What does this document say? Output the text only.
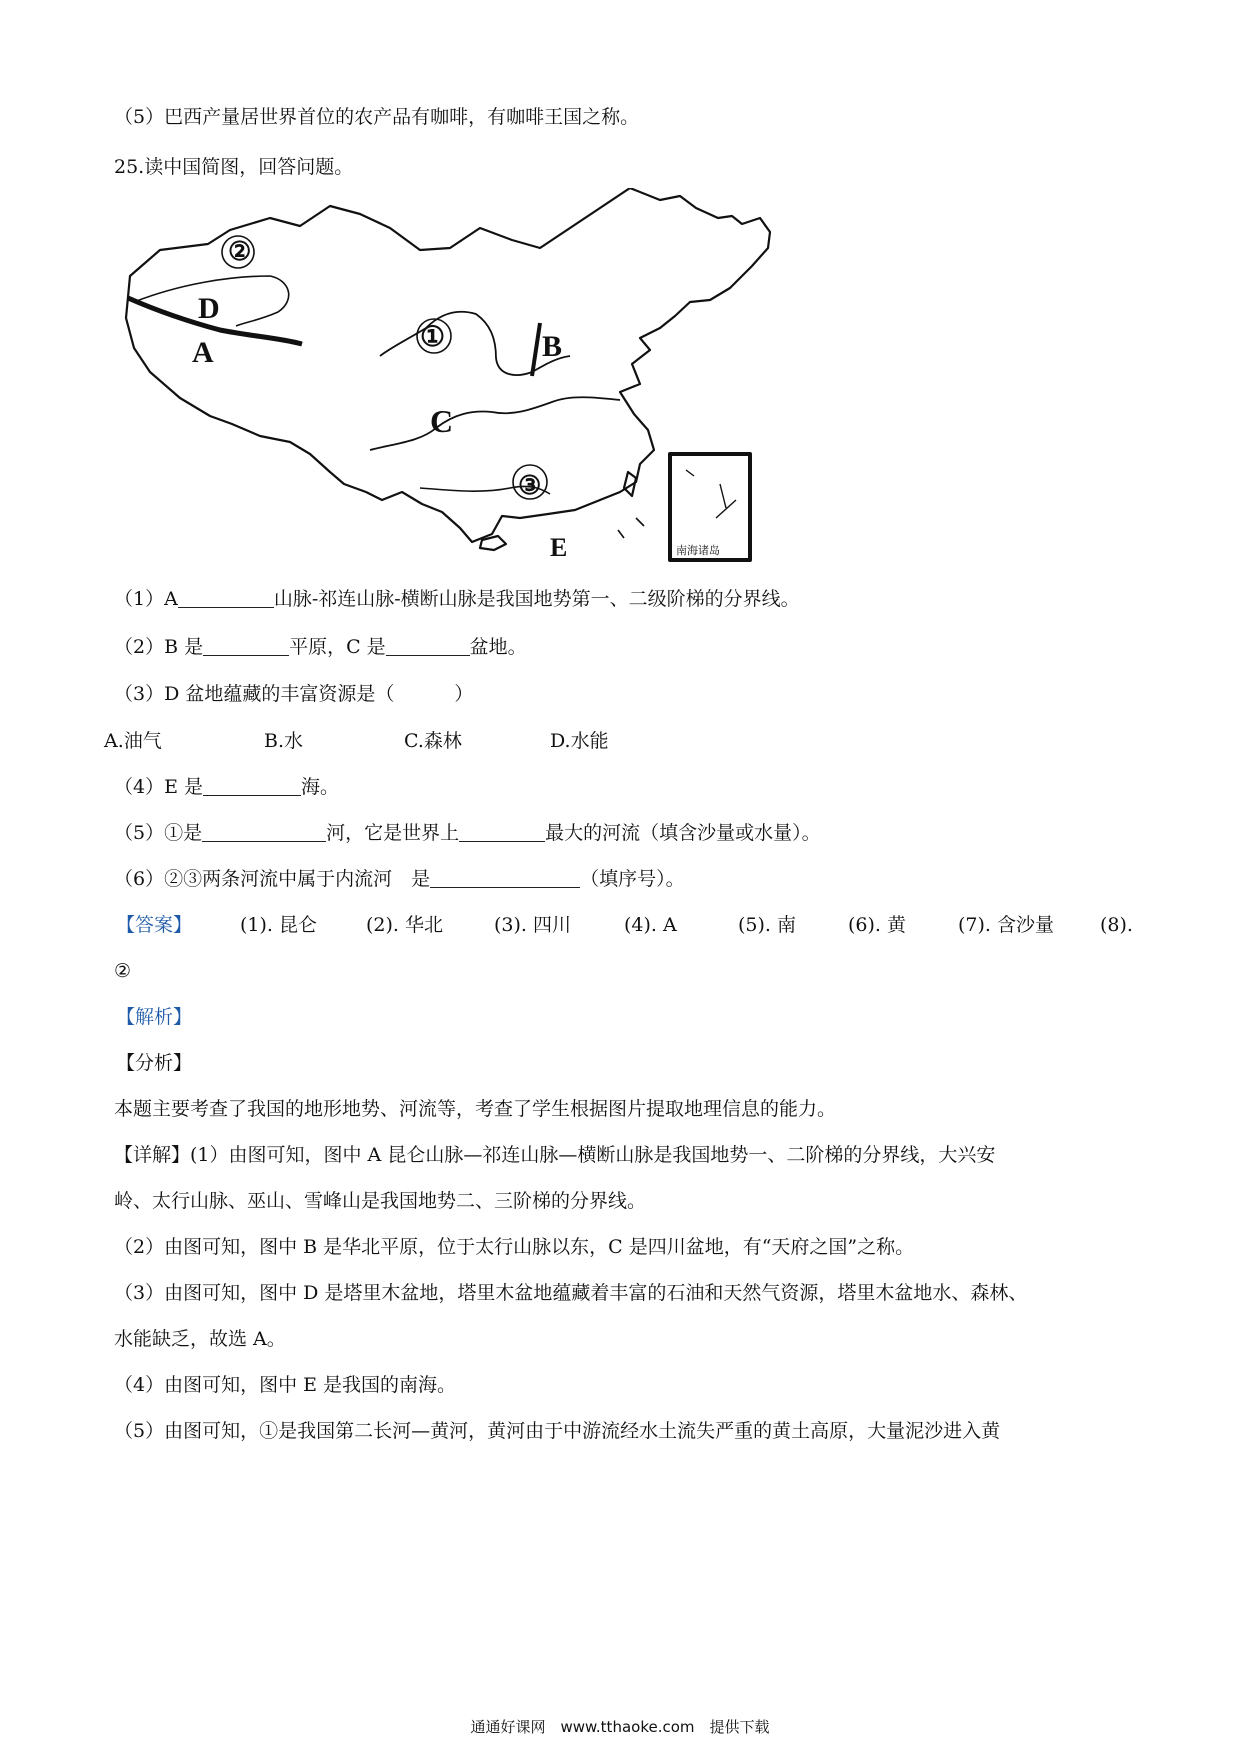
（5）巴西产量居世界首位的农产品有咖啡，有咖啡王国之称。
25.读中国简图，回答问题。
②
D
A	①	B
C
③
E	南海诸岛
（1）A	山脉-祁连山脉-横断山脉是我国地势第一、二级阶梯的分界线。
（2）B 是	平原，C 是	盆地。
（3）D 盆地蕴藏的丰富资源是（	）
A.油气	B.水	C.森林	D.水能
（4）E 是	海。
（5）①是	河，它是世界上	最大的河流（填含沙量或水量）。
（6）②③两条河流中属于内流河　是	（填序号）。
【答案】	(1). 昆仑	(2). 华北	(3). 四川	(4). A	(5). 南	(6). 黄	(7). 含沙量 (8).
②
【解析】
【分析】
本题主要考查了我国的地形地势、河流等，考查了学生根据图片提取地理信息的能力。
【详解】(1）由图可知，图中 A 昆仑山脉—祁连山脉—横断山脉是我国地势一、二阶梯的分界线，大兴安
岭、太行山脉、巫山、雪峰山是我国地势二、三阶梯的分界线。
（2）由图可知，图中 B 是华北平原，位于太行山脉以东，C 是四川盆地，有“天府之国”之称。
（3）由图可知，图中 D 是塔里木盆地，塔里木盆地蕴藏着丰富的石油和天然气资源，塔里木盆地水、森林、
水能缺乏，故选 A。
（4）由图可知，图中 E 是我国的南海。
（5）由图可知，①是我国第二长河—黄河，黄河由于中游流经水土流失严重的黄土高原，大量泥沙进入黄
通通好课网　www.tthaoke.com　提供下载
